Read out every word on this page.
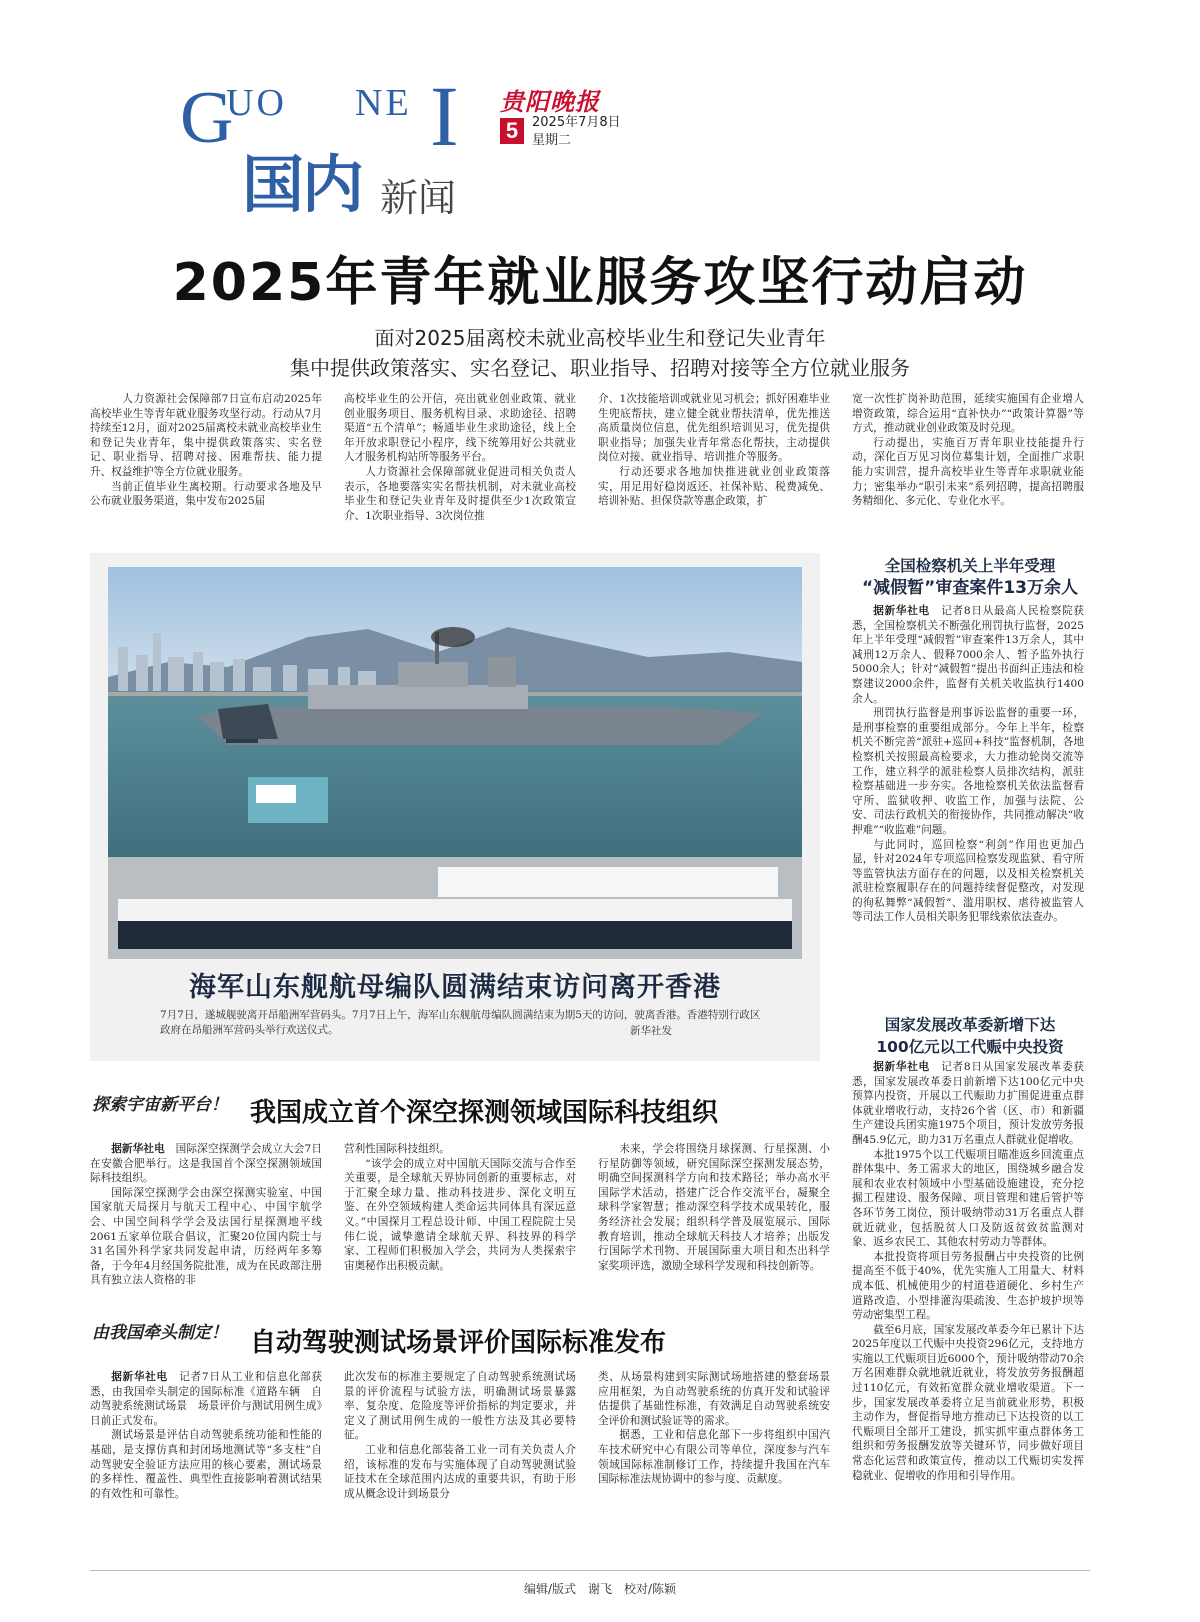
G
UO NE I
国内 新闻
贵阳晚报
5	2025年7月8日
星期二
2025年青年就业服务攻坚行动启动
面对2025届离校未就业高校毕业生和登记失业青年
集中提供政策落实、实名登记、职业指导、招聘对接等全方位就业服务

　人力资源社会保障部7日宣布启动2025年高校毕业生等青年就业服务攻坚行动。行动从7月持续至12月，面对2025届离校未就业高校毕业生和登记失业青年，集中提供政策落实、实名登记、职业指导、招聘对接、困难帮扶、能力提升、权益维护等全方位就业服务。

当前正值毕业生离校期。行动要求各地及早公布就业服务渠道，集中发布2025届

高校毕业生的公开信，亮出就业创业政策、就业创业服务项目、服务机构目录、求助途径、招聘渠道“五个清单”；畅通毕业生求助途径，线上全年开放求职登记小程序，线下统筹用好公共就业人才服务机构站所等服务平台。

人力资源社会保障部就业促进司相关负责人表示，各地要落实实名帮扶机制，对未就业高校毕业生和登记失业青年及时提供至少1次政策宣介、1次职业指导、3次岗位推

介、1次技能培训或就业见习机会；抓好困难毕业生兜底帮扶，建立健全就业帮扶清单，优先推送高质量岗位信息，优先组织培训见习，优先提供职业指导；加强失业青年常态化帮扶，主动提供岗位对接、就业指导、培训推介等服务。

行动还要求各地加快推进就业创业政策落实，用足用好稳岗返还、社保补贴、税费减免、培训补贴、担保贷款等惠企政策，扩

宽一次性扩岗补助范围，延续实施国有企业增人增资政策，综合运用“直补快办”“政策计算器”等方式，推动就业创业政策及时兑现。

行动提出，实施百万青年职业技能提升行动，深化百万见习岗位募集计划，全面推广求职能力实训营，提升高校毕业生等青年求职就业能力；密集举办“职引未来”系列招聘，提高招聘服务精细化、多元化、专业化水平。

海军山东舰航母编队圆满结束访问离开香港
7月7日，遂城舰驶离开昂船洲军营码头。7月7日上午，海军山东舰航母编队圆满结束为期5天的访问，驶离香港。香港特别行政区政府在昂船洲军营码头举行欢送仪式。	新华社发
全国检察机关上半年受理
“减假暂”审查案件13万余人

据新华社电　 记者8日从最高人民检察院获悉，全国检察机关不断强化刑罚执行监督，2025年上半年受理“减假暂”审查案件13万余人，其中减刑12万余人、假释7000余人、暂予监外执行5000余人；针对“减假暂”提出书面纠正违法和检察建议2000余件，监督有关机关收监执行1400余人。

刑罚执行监督是刑事诉讼监督的重要一环，是刑事检察的重要组成部分。今年上半年，检察机关不断完善“派驻+巡回+科技”监督机制，各地检察机关按照最高检要求，大力推动轮岗交流等工作，建立科学的派驻检察人员排次结构，派驻检察基础进一步夯实。各地检察机关依法监督看守所、监狱收押、收监工作，加强与法院、公安、司法行政机关的衔接协作，共同推动解决“收押难”“收监难”问题。

与此同时，巡回检察“利剑”作用也更加凸显，针对2024年专项巡回检察发现监狱、看守所等监管执法方面存在的问题，以及相关检察机关派驻检察履职存在的问题持续督促整改，对发现的徇私舞弊“减假暂”、滥用职权、虐待被监管人等司法工作人员相关职务犯罪线索依法查办。

国家发展改革委新增下达
100亿元以工代赈中央投资

据新华社电　 记者8日从国家发展改革委获悉，国家发展改革委日前新增下达100亿元中央预算内投资，开展以工代赈助力扩围促进重点群体就业增收行动，支持26个省（区、市）和新疆生产建设兵团实施1975个项目，预计发放劳务报酬45.9亿元，助力31万名重点人群就业促增收。

本批1975个以工代赈项目瞄准返乡回流重点群体集中、务工需求大的地区，围绕城乡融合发展和农业农村领域中小型基础设施建设，充分挖掘工程建设、服务保障、项目管理和建后管护等各环节务工岗位，预计吸纳带动31万名重点人群就近就业，包括脱贫人口及防返贫致贫监测对象、返乡农民工、其他农村劳动力等群体。

本批投资将项目劳务报酬占中央投资的比例提高至不低于40%，优先实施人工用量大、材料成本低、机械使用少的村道巷道硬化、乡村生产道路改造、小型排灌沟渠疏浚、生态护坡护坝等劳动密集型工程。

截至6月底，国家发展改革委今年已累计下达2025年度以工代赈中央投资296亿元，支持地方实施以工代赈项目近6000个，预计吸纳带动70余万名困难群众就地就近就业，将发放劳务报酬超过110亿元，有效拓宽群众就业增收渠道。下一步，国家发展改革委将立足当前就业形势，积极主动作为，督促指导地方推动已下达投资的以工代赈项目全部开工建设，抓实抓牢重点群体务工组织和劳务报酬发放等关键环节，同步做好项目常态化运营和政策宣传，推动以工代赈切实发挥稳就业、促增收的作用和引导作用。

探索宇宙新平台！ 我国成立首个深空探测领域国际科技组织

据新华社电　 国际深空探测学会成立大会7日在安徽合肥举行。这是我国首个深空探测领域国际科技组织。

国际深空探测学会由深空探测实验室、中国国家航天局探月与航天工程中心、中国宇航学会、中国空间科学学会及法国行星探测地平线2061五家单位联合倡议，汇聚20位国内院士与31名国外科学家共同发起申请，历经两年多筹备，于今年4月经国务院批准，成为在民政部注册具有独立法人资格的非

营利性国际科技组织。

“该学会的成立对中国航天国际交流与合作至关重要，是全球航天界协同创新的重要标志，对于汇聚全球力量、推动科技进步、深化文明互鉴、在外空领域构建人类命运共同体具有深远意义。”中国探月工程总设计师、中国工程院院士吴伟仁说，诚挚邀请全球航天界、科技界的科学家、工程师们积极加入学会，共同为人类探索宇宙奥秘作出积极贡献。

未来，学会将围绕月球探测、行星探测、小行星防御等领域，研究国际深空探测发展态势，明确空间探测科学方向和技术路径；举办高水平国际学术活动，搭建广泛合作交流平台，凝聚全球科学家智慧；推动深空科学技术成果转化，服务经济社会发展；组织科学普及展览展示、国际教育培训，推动全球航天科技人才培养；出版发行国际学术刊物、开展国际重大项目和杰出科学家奖项评选，激励全球科学发现和科技创新等。

由我国牵头制定！ 自动驾驶测试场景评价国际标准发布

据新华社电　 记者7日从工业和信息化部获悉，由我国牵头制定的国际标准《道路车辆　自动驾驶系统测试场景　场景评价与测试用例生成》日前正式发布。

测试场景是评估自动驾驶系统功能和性能的基础，是支撑仿真和封闭场地测试等“多支柱”自动驾驶安全验证方法应用的核心要素，测试场景的多样性、覆盖性、典型性直接影响着测试结果的有效性和可靠性。

此次发布的标准主要规定了自动驾驶系统测试场景的评价流程与试验方法，明确测试场景暴露率、复杂度、危险度等评价指标的判定要求，并定义了测试用例生成的一般性方法及其必要特征。

工业和信息化部装备工业一司有关负责人介绍，该标准的发布与实施体现了自动驾驶测试验证技术在全球范围内达成的重要共识，有助于形成从概念设计到场景分

类、从场景构建到实际测试场地搭建的整套场景应用框架，为自动驾驶系统的仿真开发和试验评估提供了基础性标准，有效满足自动驾驶系统安全评价和测试验证等的需求。

据悉，工业和信息化部下一步将组织中国汽车技术研究中心有限公司等单位，深度参与汽车领域国际标准制修订工作，持续提升我国在汽车国际标准法规协调中的参与度、贡献度。

编辑/版式　谢飞　校对/陈颖
